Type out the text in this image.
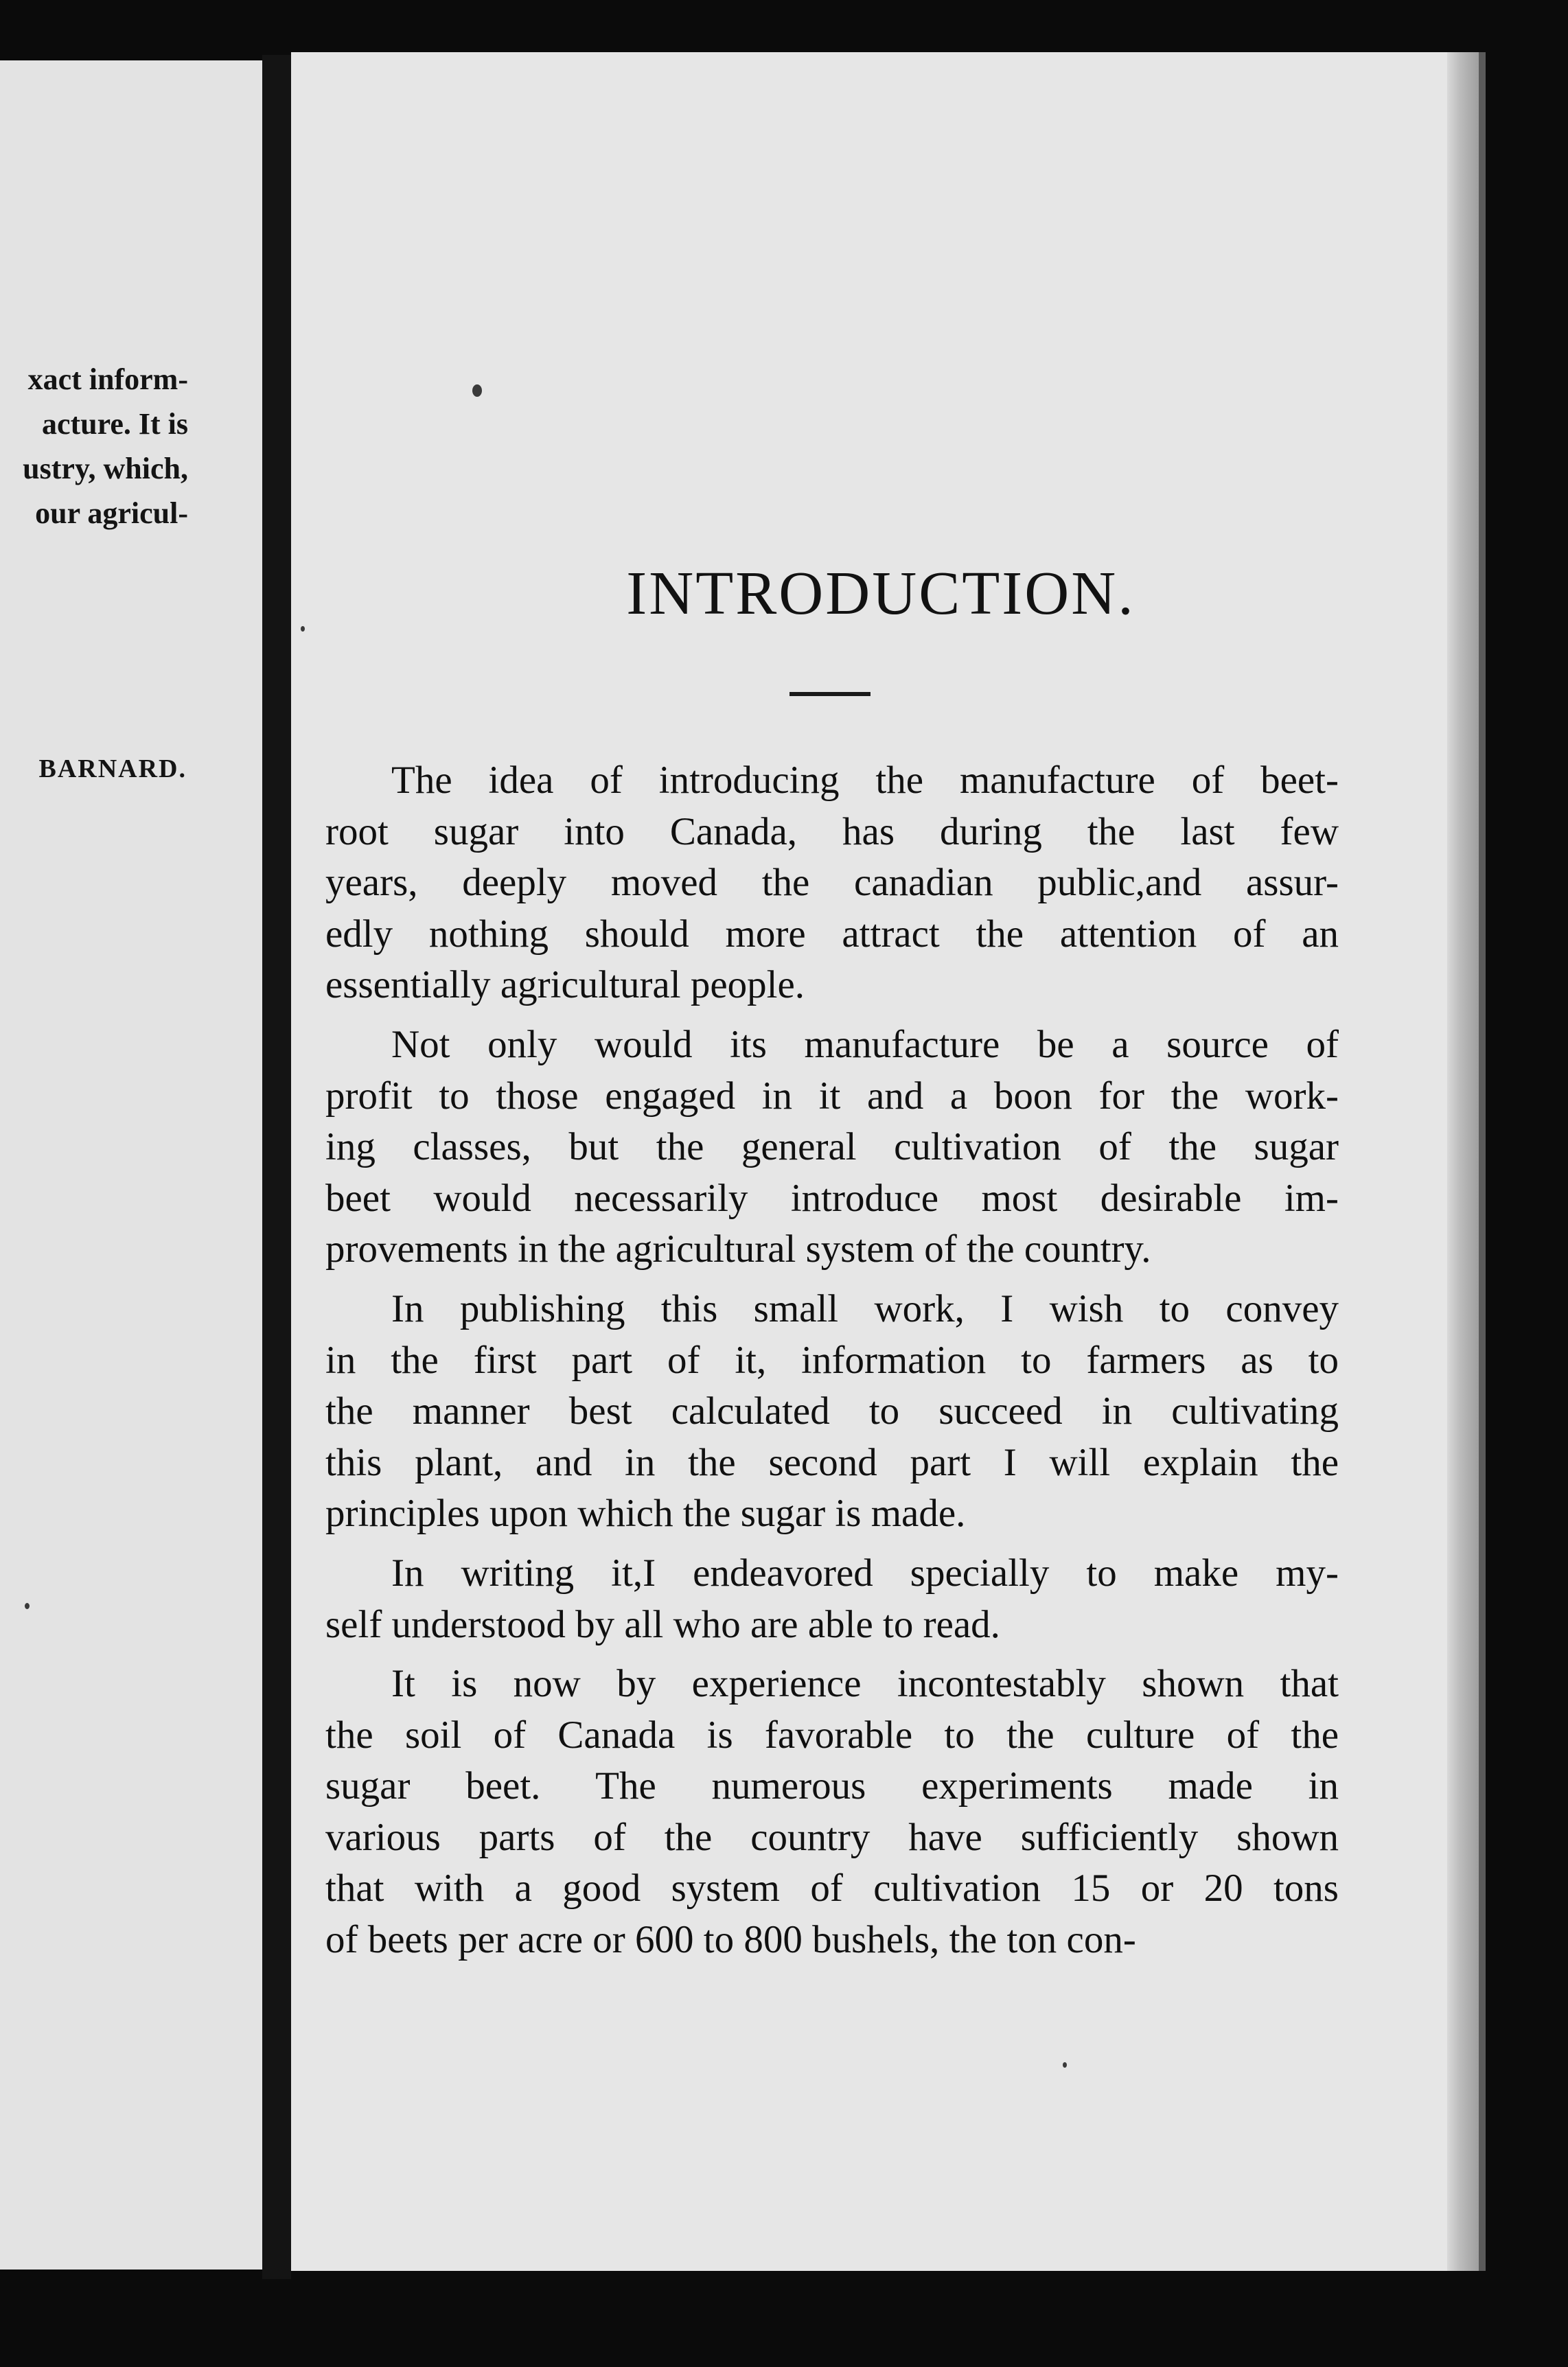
xact inform-
acture. It is
ustry, which,
our agricul-
BARNARD.
INTRODUCTION.
The idea of introducing the manufacture of beet-
root sugar into Canada, has during the last few
years, deeply moved the canadian public,and assur-
edly nothing should more attract the attention of an
essentially agricultural people.
Not only would its manufacture be a source of
profit to those engaged in it and a boon for the work-
ing classes, but the general cultivation of the sugar
beet would necessarily introduce most desirable im-
provements in the agricultural system of the country.
In publishing this small work, I wish to convey
in the first part of it, information to farmers as to
the manner best calculated to succeed in cultivating
this plant, and in the second part I will explain the
principles upon which the sugar is made.
In writing it,I endeavored specially to make my-
self understood by all who are able to read.
It is now by experience incontestably shown that
the soil of Canada is favorable to the culture of the
sugar beet. The numerous experiments made in
various parts of the country have sufficiently shown
that with a good system of cultivation 15 or 20 tons
of beets per acre or 600 to 800 bushels, the ton con-
